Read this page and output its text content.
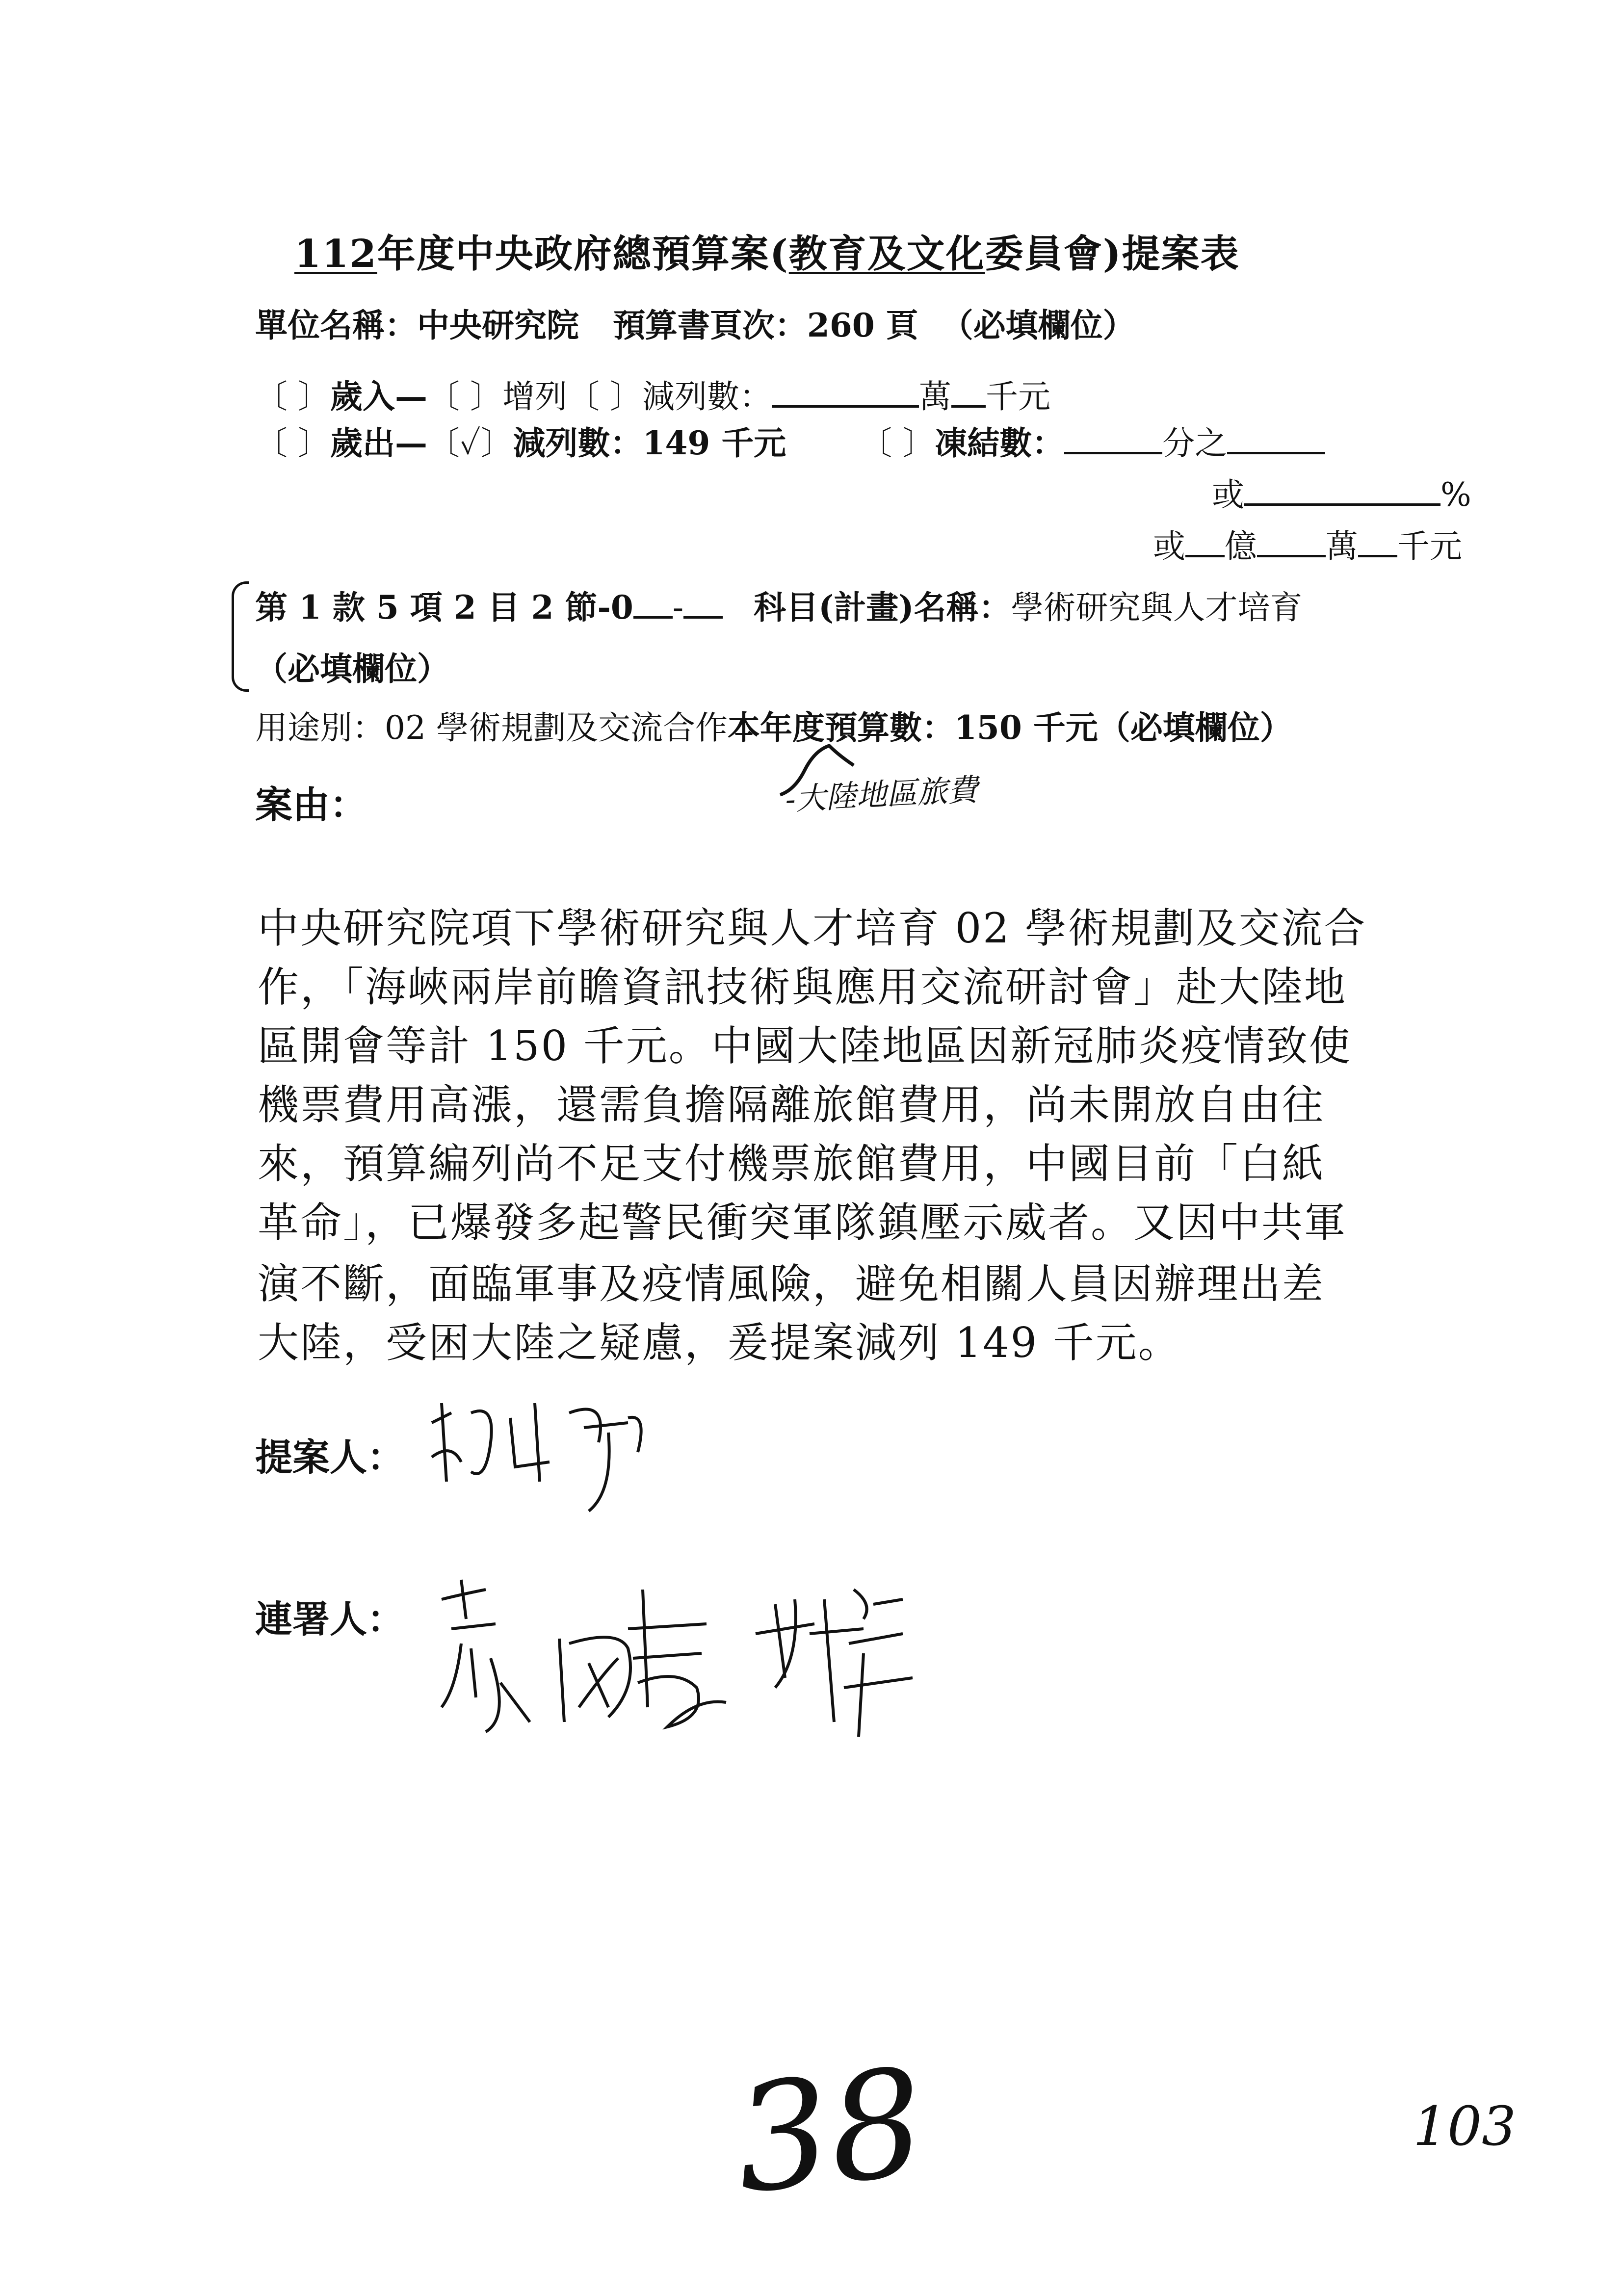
112年度中央政府總預算案(教育及文化委員會)提案表
單位名稱：中央研究院 預算書頁次：260 頁 （必填欄位）
〔 〕歲入—〔 〕增列〔 〕減列數：	萬 千元
〔 〕歲出—〔✓〕減列數：149 千元 〔 〕凍結數：	分之
或	%
或 億 萬 千元
第 1 款 5 項 2 目 2 節-0 - 科目(計畫)名稱：學術研究與人才培育
（必填欄位）
用途別：02 學術規劃及交流合作本年度預算數：150 千元（必填欄位）
案由：	-大陸地區旅費
中央研究院項下學術研究與人才培育 02 學術規劃及交流合
作，「海峽兩岸前瞻資訊技術與應用交流研討會」赴大陸地
區開會等計 150 千元。中國大陸地區因新冠肺炎疫情致使
機票費用高漲，還需負擔隔離旅館費用，尚未開放自由往
來，預算編列尚不足支付機票旅館費用，中國目前「白紙
革命」，已爆發多起警民衝突軍隊鎮壓示威者。又因中共軍
演不斷，面臨軍事及疫情風險，避免相關人員因辦理出差
大陸，受困大陸之疑慮，爰提案減列 149 千元。
提案人：
連署人：
38	103
